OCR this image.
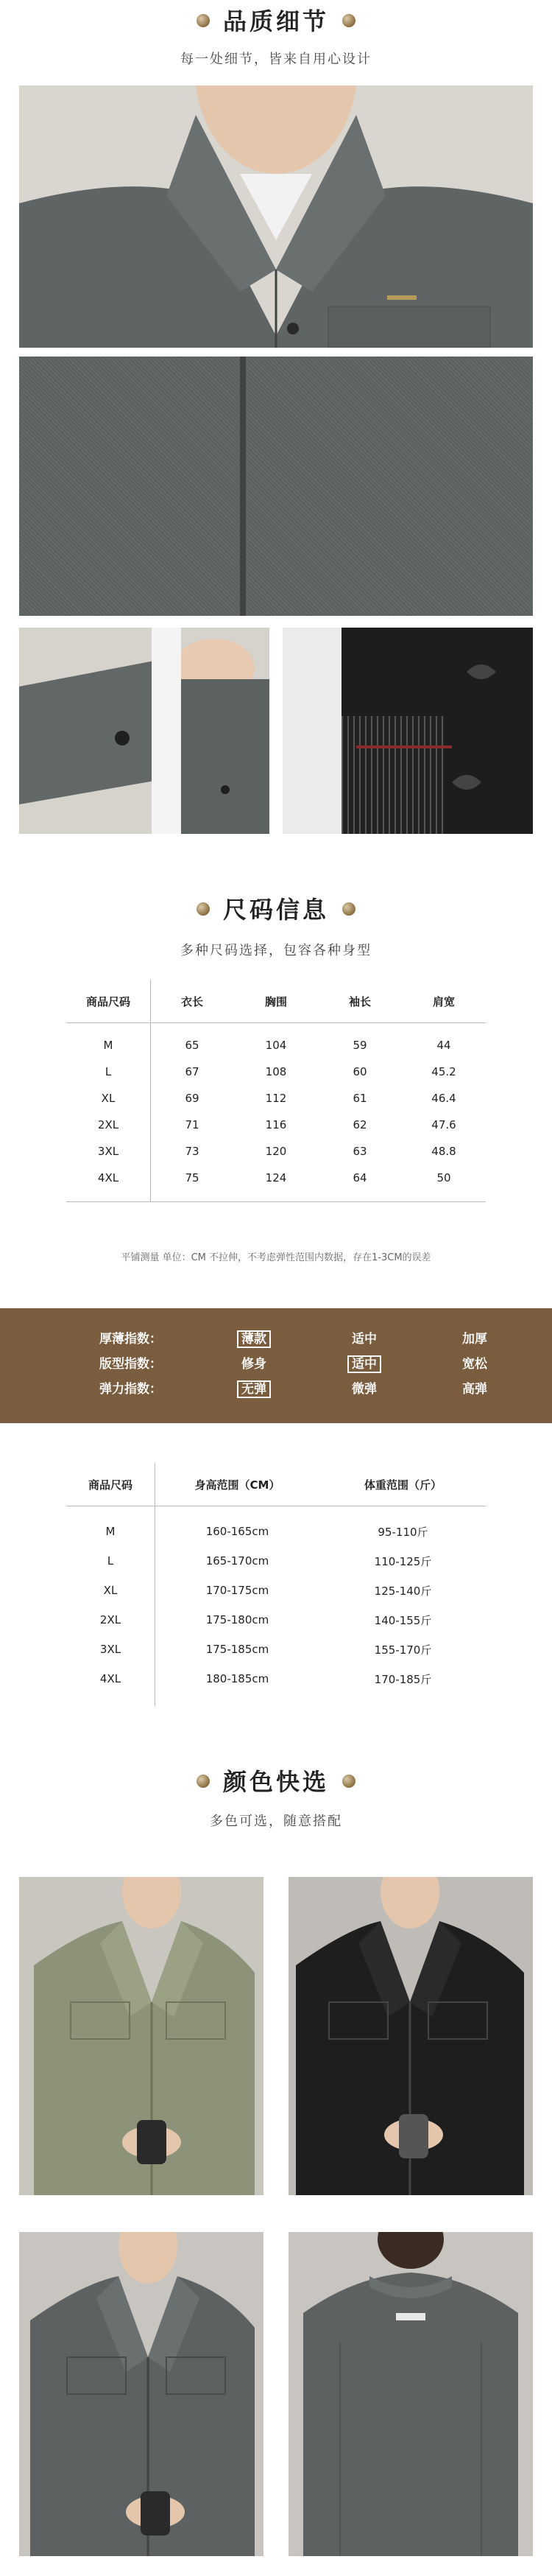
品质细节
每一处细节，皆来自用心设计
尺码信息
多种尺码选择，包容各种身型
商品尺码	衣长	胸围	袖长	肩宽
M	65	104	59	44
L	67	108	60	45.2
XL	69	112	61	46.4
2XL	71	116	62	47.6
3XL	73	120	63	48.8
4XL	75	124	64	50
平铺测量 单位：CM 不拉伸，不考虑弹性范围内数据，存在1-3CM的误差
厚薄指数：	薄款	适中	加厚
版型指数：	修身	适中	宽松
弹力指数：	无弹	微弹	高弹
商品尺码	身高范围（CM）	体重范围（斤）
M	160-165cm	95-110斤
L	165-170cm	110-125斤
XL	170-175cm	125-140斤
2XL	175-180cm	140-155斤
3XL	175-185cm	155-170斤
4XL	180-185cm	170-185斤
颜色快选
多色可选，随意搭配
